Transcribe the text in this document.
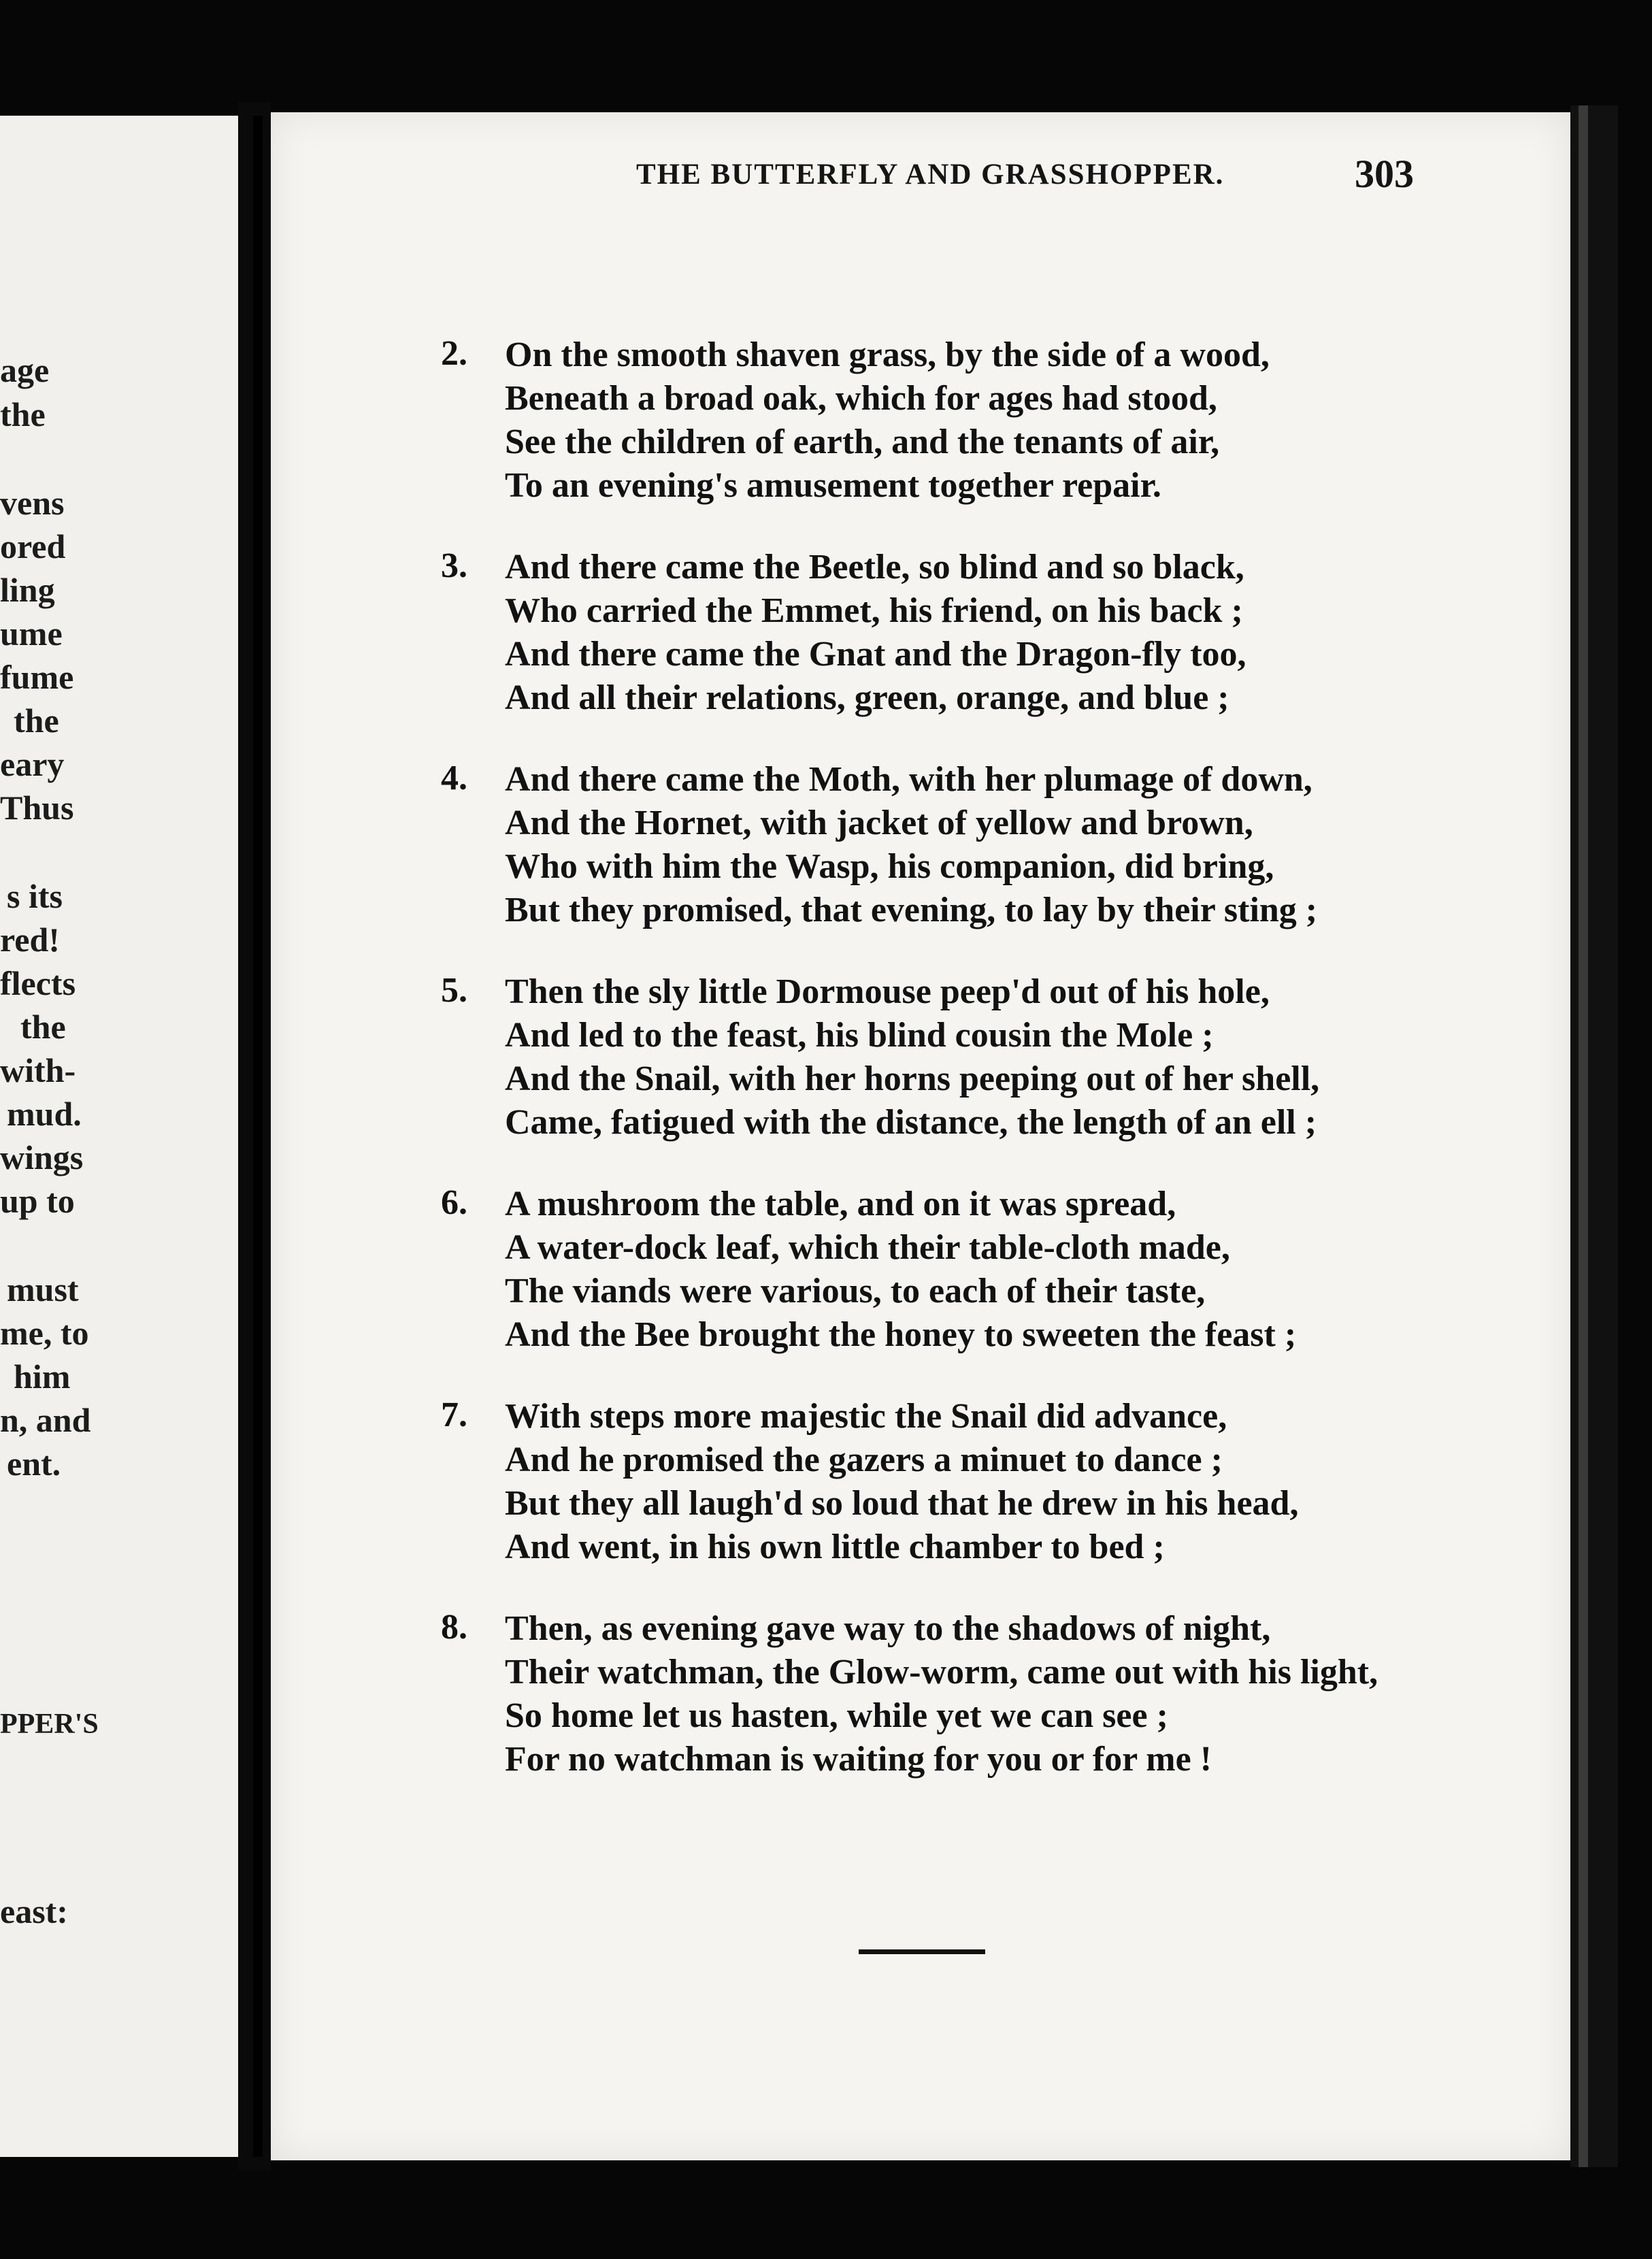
age
the
vens
ored
ling
ume
fume
the
eary
Thus
s its
red!
flects
the
with-
mud.
wings
up to
must
me, to
him
n, and
ent.
PPER'S
east:
THE BUTTERFLY AND GRASSHOPPER.	303
2.	On the smooth shaven grass, by the side of a wood,
Beneath a broad oak, which for ages had stood,
See the children of earth, and the tenants of air,
To an evening's amusement together repair.
3.	And there came the Beetle, so blind and so black,
Who carried the Emmet, his friend, on his back ;
And there came the Gnat and the Dragon-fly too,
And all their relations, green, orange, and blue ;
4.	And there came the Moth, with her plumage of down,
And the Hornet, with jacket of yellow and brown,
Who with him the Wasp, his companion, did bring,
But they promised, that evening, to lay by their sting ;
5.	Then the sly little Dormouse peep'd out of his hole,
And led to the feast, his blind cousin the Mole ;
And the Snail, with her horns peeping out of her shell,
Came, fatigued with the distance, the length of an ell ;
6.	A mushroom the table, and on it was spread,
A water-dock leaf, which their table-cloth made,
The viands were various, to each of their taste,
And the Bee brought the honey to sweeten the feast ;
7.	With steps more majestic the Snail did advance,
And he promised the gazers a minuet to dance ;
But they all laugh'd so loud that he drew in his head,
And went, in his own little chamber to bed ;
8.	Then, as evening gave way to the shadows of night,
Their watchman, the Glow-worm, came out with his light,
So home let us hasten, while yet we can see ;
For no watchman is waiting for you or for me !
